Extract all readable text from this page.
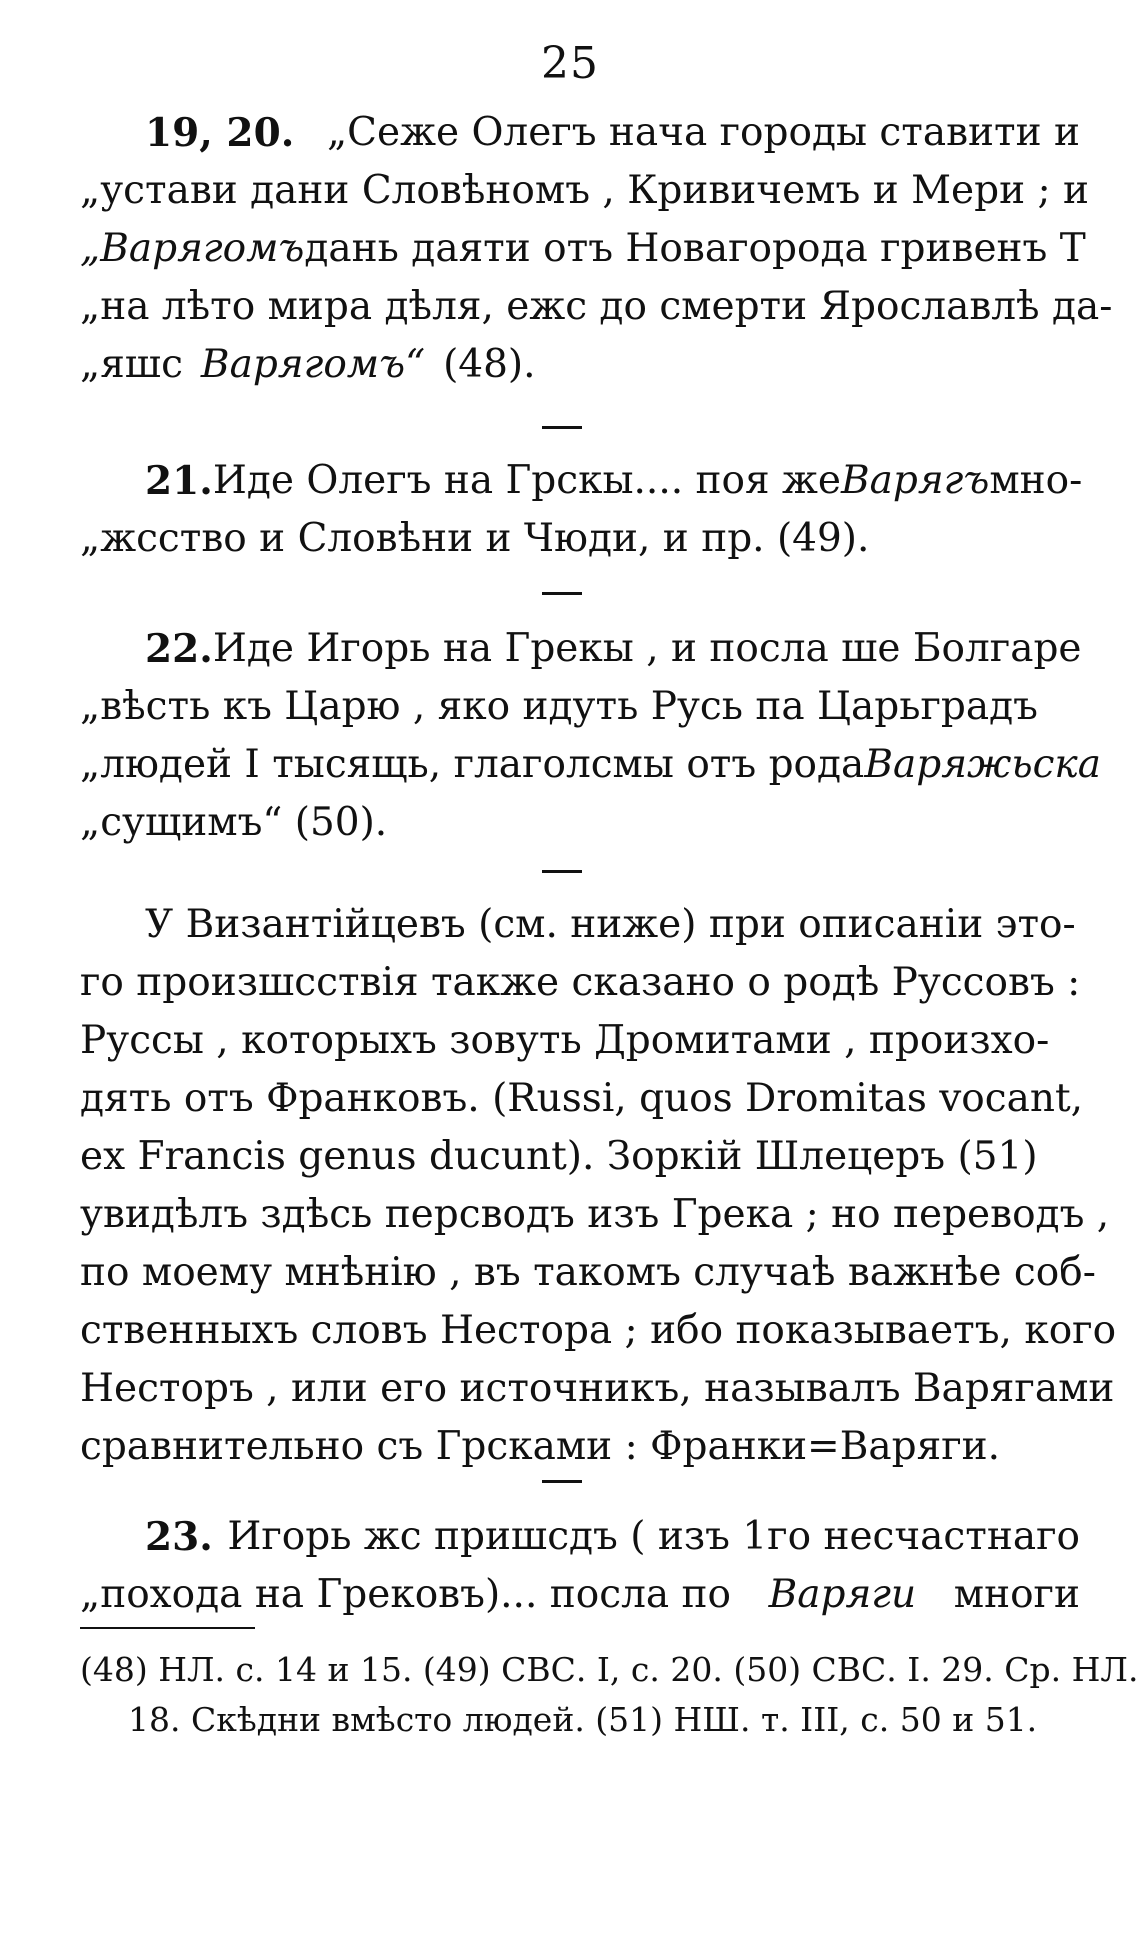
25
19, 20. „Сеже Олегъ нача городы ставити и
„устави дани Словѣномъ , Кривичемъ и Мери ; и
„Варягомъ дань даяти отъ Новагорода гривенъ Т
„на лѣто мира дѣля, ежс до смерти Ярославлѣ да-
„яшс Варягомъ“ (48).
21. Иде Олегъ на Грскы.... поя же Варягъ мно-
„жсство и Словѣни и Чюди, и пр. (49).
22. Иде Игорь на Грекы , и посла ше Болгаре
„вѣсть къ Царю , яко идуть Русь па Царьградъ
„людей I тысящь, глаголсмы отъ рода Варяжьска
„сущимъ“ (50).
У Византійцевъ (см. ниже) при описаніи это-
го произшсствія также сказано о родѣ Руссовъ :
Руссы , которыхъ зовуть Дромитами , произхо-
дять отъ Франковъ. (Russi, quos Dromitas vocant,
ex Francis genus ducunt). Зоркій Шлецеръ (51)
увидѣлъ здѣсь персводъ изъ Грека ; но переводъ ,
по моему мнѣнію , въ такомъ случаѣ важнѣе соб-
ственныхъ словъ Нестора ; ибо показываетъ, кого
Несторъ , или его источникъ, называлъ Варягами
сравнительно съ Грсками : Франки=Варяги.
23. Игорь жс пришсдъ ( изъ 1го несчастнаго
„похода на Грековъ)... посла по Варяги многи
(48) НЛ. с. 14 и 15. (49) СВС. I, с. 20. (50) СВС. I. 29. Ср. НЛ.
18. Скѣдни вмѣсто людей. (51) НШ. т. III, с. 50 и 51.
